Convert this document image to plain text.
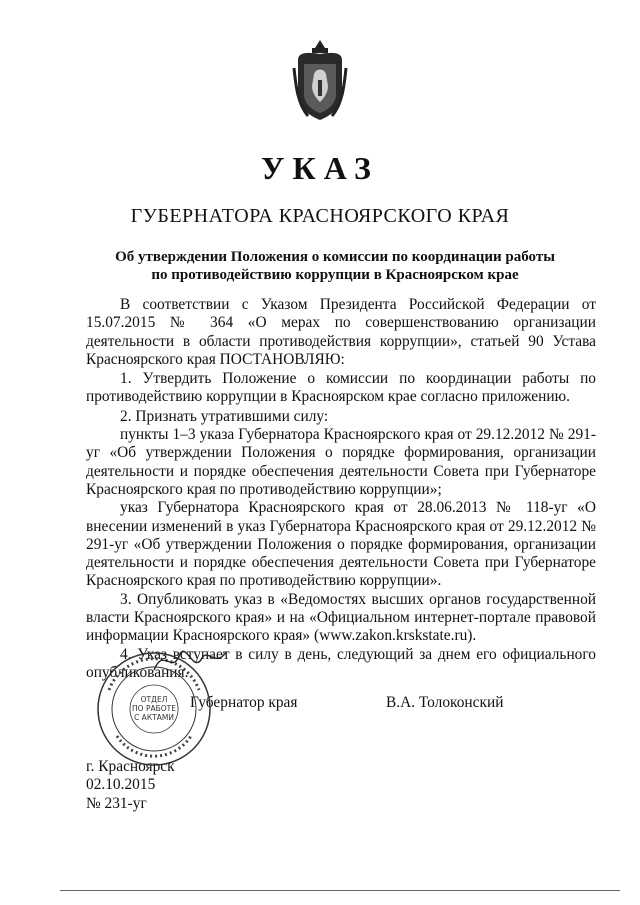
УКАЗ
ГУБЕРНАТОРА КРАСНОЯРСКОГО КРАЯ
Об утверждении Положения о комиссии по координации работы
по противодействию коррупции в Красноярском крае

В соответствии с Указом Президента Российской Федерации от 15.07.2015 № 364 «О мерах по совершенствованию организации деятельности в области противодействия коррупции», статьей 90 Устава Красноярского края ПОСТАНОВЛЯЮ:

1. Утвердить Положение о комиссии по координации работы по противодействию коррупции в Красноярском крае согласно приложению.

2. Признать утратившими силу:

пункты 1–3 указа Губернатора Красноярского края от 29.12.2012 № 291-уг «Об утверждении Положения о порядке формирования, организации деятельности и порядке обеспечения деятельности Совета при Губернаторе Красноярского края по противодействию коррупции»;

указ Губернатора Красноярского края от 28.06.2013 № 118-уг «О внесении изменений в указ Губернатора Красноярского края от 29.12.2012 № 291-уг «Об утверждении Положения о порядке формирования, организации деятельности и порядке обеспечения деятельности Совета при Губернаторе Красноярского края по противодействию коррупции».

3. Опубликовать указ в «Ведомостях высших органов государственной власти Красноярского края» и на «Официальном интернет-портале правовой информации Красноярского края» (www.zakon.krskstate.ru).

4. Указ вступает в силу в день, следующий за днем его официального опубликования.

Губернатор края	В.А. Толоконский
г. Красноярск
02.10.2015
№ 231-уг
ОТДЕЛ
ПО РАБОТЕ
С АКТАМИ
